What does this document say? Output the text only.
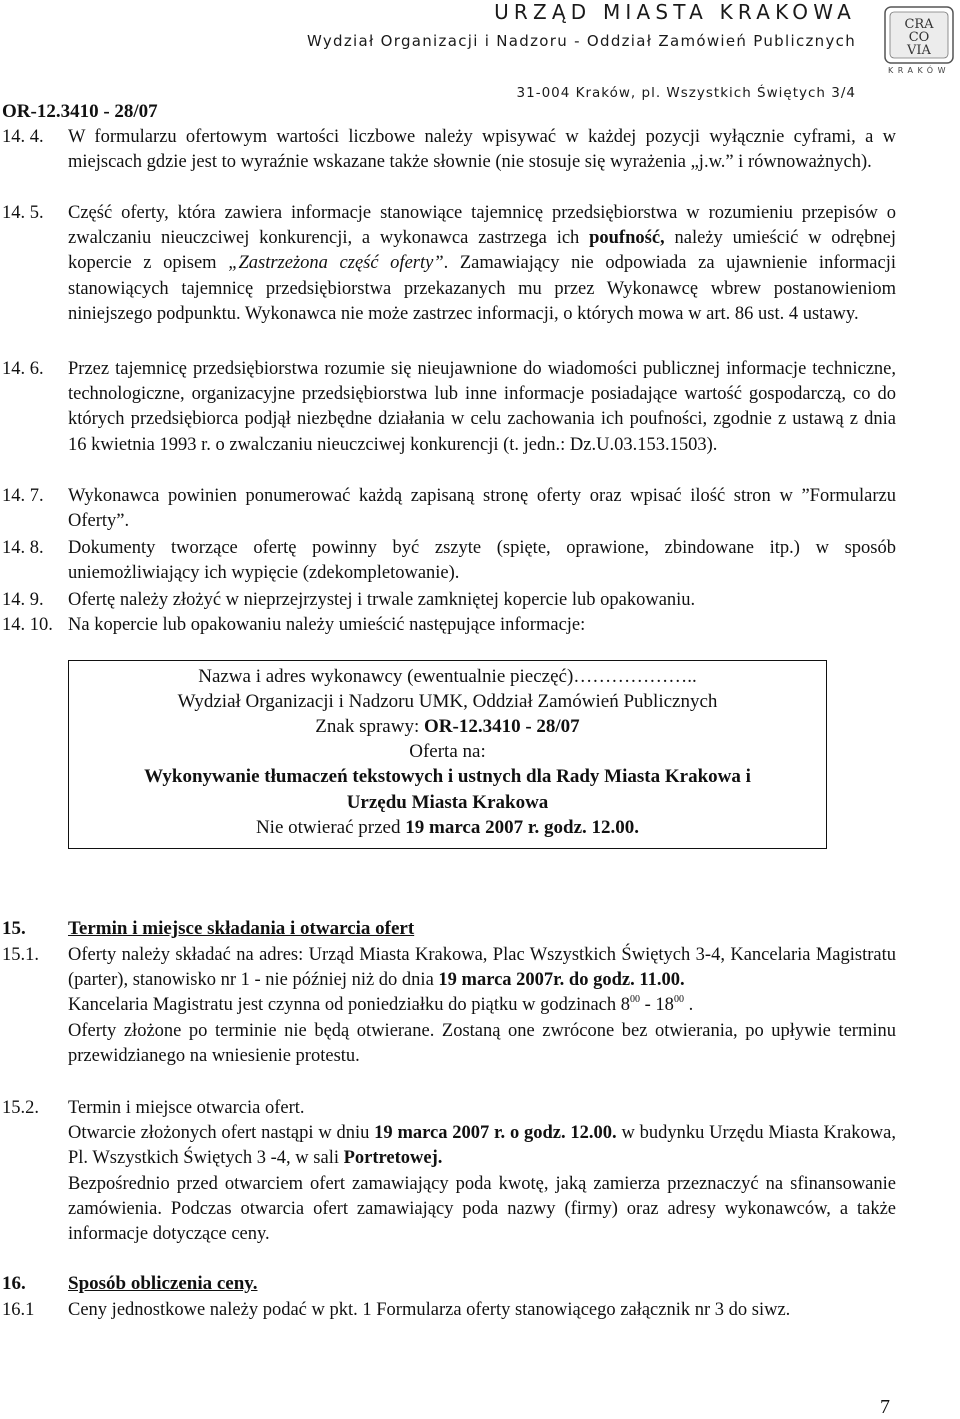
URZĄD MIASTA KRAKOWA
Wydział Organizacji i Nadzoru - Oddział Zamówień Publicznych
31-004 Kraków, pl. Wszystkich Świętych 3/4
CRA
CO
VIA
KRAKÓW
OR-12.3410 - 28/07
14. 4. W formularzu ofertowym wartości liczbowe należy wpisywać w każdej pozycji wyłącznie cyframi, a w miejscach gdzie jest to wyraźnie wskazane także słownie (nie stosuje się wyrażenia „j.w.” i równoważnych).
14. 5. Część oferty, która zawiera informacje stanowiące tajemnicę przedsiębiorstwa w rozumieniu przepisów o zwalczaniu nieuczciwej konkurencji, a wykonawca zastrzega ich poufność, należy umieścić w odrębnej kopercie z opisem „Zastrzeżona część oferty”. Zamawiający nie odpowiada za ujawnienie informacji stanowiących tajemnicę przedsiębiorstwa przekazanych mu przez Wykonawcę wbrew postanowieniom niniejszego podpunktu. Wykonawca nie może zastrzec informacji, o których mowa w art. 86 ust. 4 ustawy.
14. 6. Przez tajemnicę przedsiębiorstwa rozumie się nieujawnione do wiadomości publicznej informacje techniczne, technologiczne, organizacyjne przedsiębiorstwa lub inne informacje posiadające wartość gospodarczą, co do których przedsiębiorca podjął niezbędne działania w celu zachowania ich poufności, zgodnie z ustawą z dnia 16 kwietnia 1993 r. o zwalczaniu nieuczciwej konkurencji (t. jedn.: Dz.U.03.153.1503).
14. 7. Wykonawca powinien ponumerować każdą zapisaną stronę oferty oraz wpisać ilość stron w ”Formularzu Oferty”.
14. 8. Dokumenty tworzące ofertę powinny być zszyte (spięte, oprawione, zbindowane itp.) w sposób uniemożliwiający ich wypięcie (zdekompletowanie).
14. 9. Ofertę należy złożyć w nieprzejrzystej i trwale zamkniętej kopercie lub opakowaniu.
14. 10. Na kopercie lub opakowaniu należy umieścić następujące informacje:
Nazwa i adres wykonawcy (ewentualnie pieczęć)………………..
Wydział Organizacji i Nadzoru UMK, Oddział Zamówień Publicznych
Znak sprawy: OR-12.3410 - 28/07
Oferta na:
Wykonywanie tłumaczeń tekstowych i ustnych dla Rady Miasta Krakowa i
Urzędu Miasta Krakowa
Nie otwierać przed 19 marca 2007 r. godz. 12.00.
15. Termin i miejsce składania i otwarcia ofert
15.1. Oferty należy składać na adres: Urząd Miasta Krakowa, Plac Wszystkich Świętych 3-4, Kancelaria Magistratu (parter), stanowisko nr 1 - nie później niż do dnia 19 marca 2007r. do godz. 11.00.

Kancelaria Magistratu jest czynna od poniedziałku do piątku w godzinach $8^{00} - 18^{00}$ .

Oferty złożone po terminie nie będą otwierane. Zostaną one zwrócone bez otwierania, po upływie terminu przewidzianego na wniesienie protestu.

15.2. Termin i miejsce otwarcia ofert.

Otwarcie złożonych ofert nastąpi w dniu 19 marca 2007 r. o godz. 12.00. w budynku Urzędu Miasta Krakowa, Pl. Wszystkich Świętych 3 -4, w sali Portretowej.

Bezpośrednio przed otwarciem ofert zamawiający poda kwotę, jaką zamierza przeznaczyć na sfinansowanie zamówienia. Podczas otwarcia ofert zamawiający poda nazwy (firmy) oraz adresy wykonawców, a także informacje dotyczące ceny.

16. Sposób obliczenia ceny.
16.1 Ceny jednostkowe należy podać w pkt. 1 Formularza oferty stanowiącego załącznik nr 3 do siwz.
7
